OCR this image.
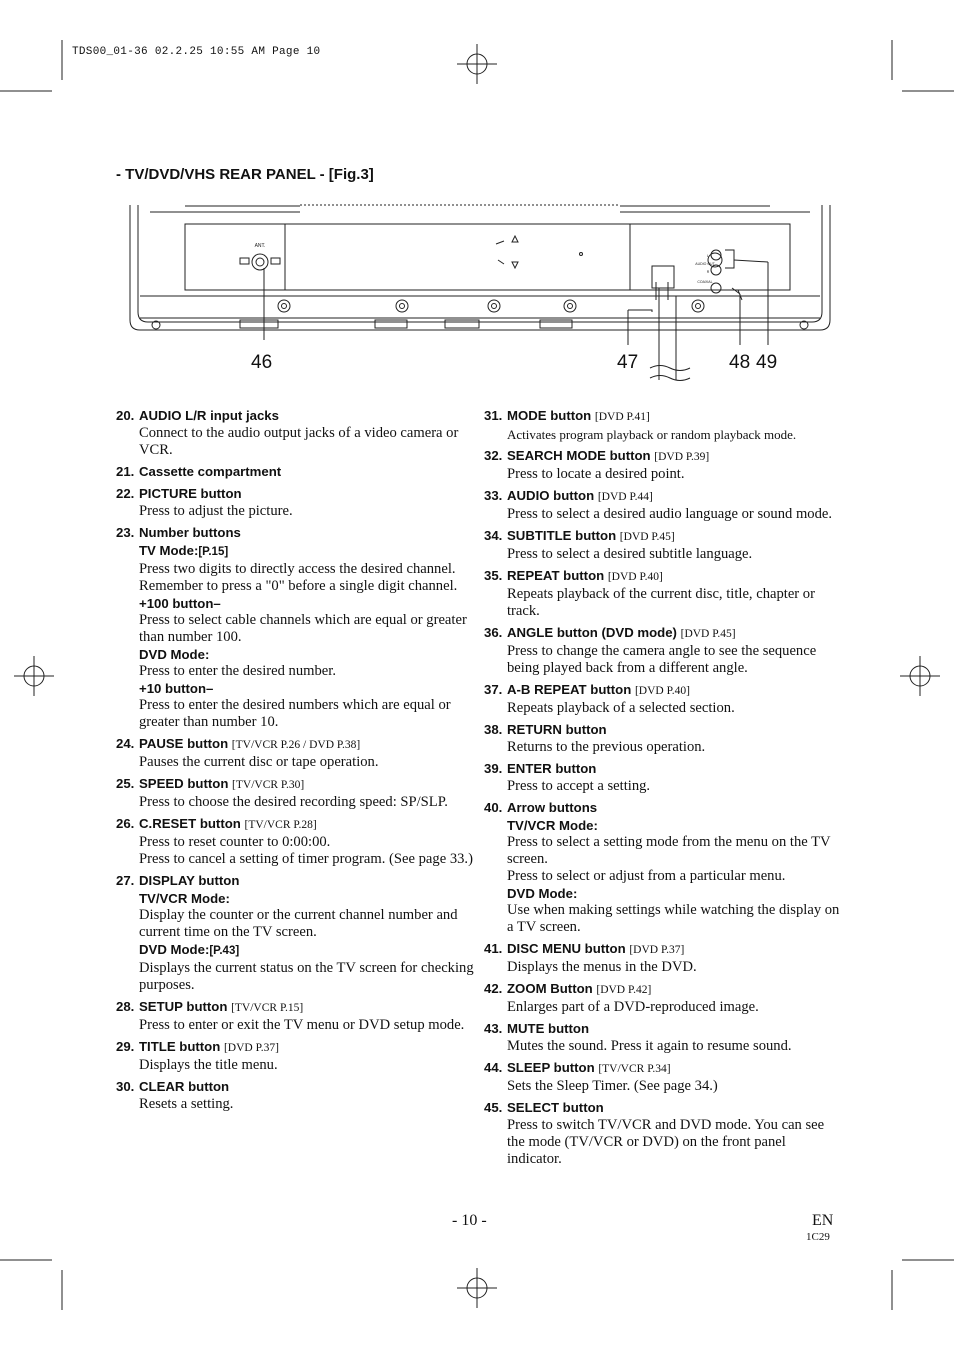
TDS00_01-36 02.2.25 10:55 AM Page 10
- TV/DVD/VHS REAR PANEL - [Fig.3]
ANT.
AUDIO OUT
COAXIAL
L
R
46	47	48 49
20. AUDIO L/R input jacks
Connect to the audio output jacks of a video camera or VCR.
21. Cassette compartment
22. PICTURE button
Press to adjust the picture.
23. Number buttons
TV Mode:[P.15]
Press two digits to directly access the desired channel.
Remember to press a "0" before a single digit channel.
+100 button–
Press to select cable channels which are equal or greater than number 100.
DVD Mode:
Press to enter the desired number.
+10 button–
Press to enter the desired numbers which are equal or greater than number 10.
24. PAUSE button [TV/VCR P.26 / DVD P.38]
Pauses the current disc or tape operation.
25. SPEED button [TV/VCR P.30]
Press to choose the desired recording speed: SP/SLP.
26. C.RESET button [TV/VCR P.28]
Press to reset counter to 0:00:00.
Press to cancel a setting of timer program. (See page 33.)
27. DISPLAY button
TV/VCR Mode:
Display the counter or the current channel number and current time on the TV screen.
DVD Mode:[P.43]
Displays the current status on the TV screen for checking purposes.
28. SETUP button [TV/VCR P.15]
Press to enter or exit the TV menu or DVD setup mode.
29. TITLE button [DVD P.37]
Displays the title menu.
30. CLEAR button
Resets a setting.
31. MODE button [DVD P.41]
Activates program playback or random playback mode.
32. SEARCH MODE button [DVD P.39]
Press to locate a desired point.
33. AUDIO button [DVD P.44]
Press to select a desired audio language or sound mode.
34. SUBTITLE button [DVD P.45]
Press to select a desired subtitle language.
35. REPEAT button [DVD P.40]
Repeats playback of the current disc, title, chapter or track.
36. ANGLE button (DVD mode) [DVD P.45]
Press to change the camera angle to see the sequence being played back from a different angle.
37. A-B REPEAT button [DVD P.40]
Repeats playback of a selected section.
38. RETURN button
Returns to the previous operation.
39. ENTER button
Press to accept a setting.
40. Arrow buttons
TV/VCR Mode:
Press to select a setting mode from the menu on the TV screen.
Press to select or adjust from a particular menu.
DVD Mode:
Use when making settings while watching the display on a TV screen.
41. DISC MENU button [DVD P.37]
Displays the menus in the DVD.
42. ZOOM Button [DVD P.42]
Enlarges part of a DVD-reproduced image.
43. MUTE button
Mutes the sound. Press it again to resume sound.
44. SLEEP button [TV/VCR P.34]
Sets the Sleep Timer. (See page 34.)
45. SELECT button
Press to switch TV/VCR and DVD mode. You can see the mode (TV/VCR or DVD) on the front panel indicator.
- 10 -	EN
1C29
